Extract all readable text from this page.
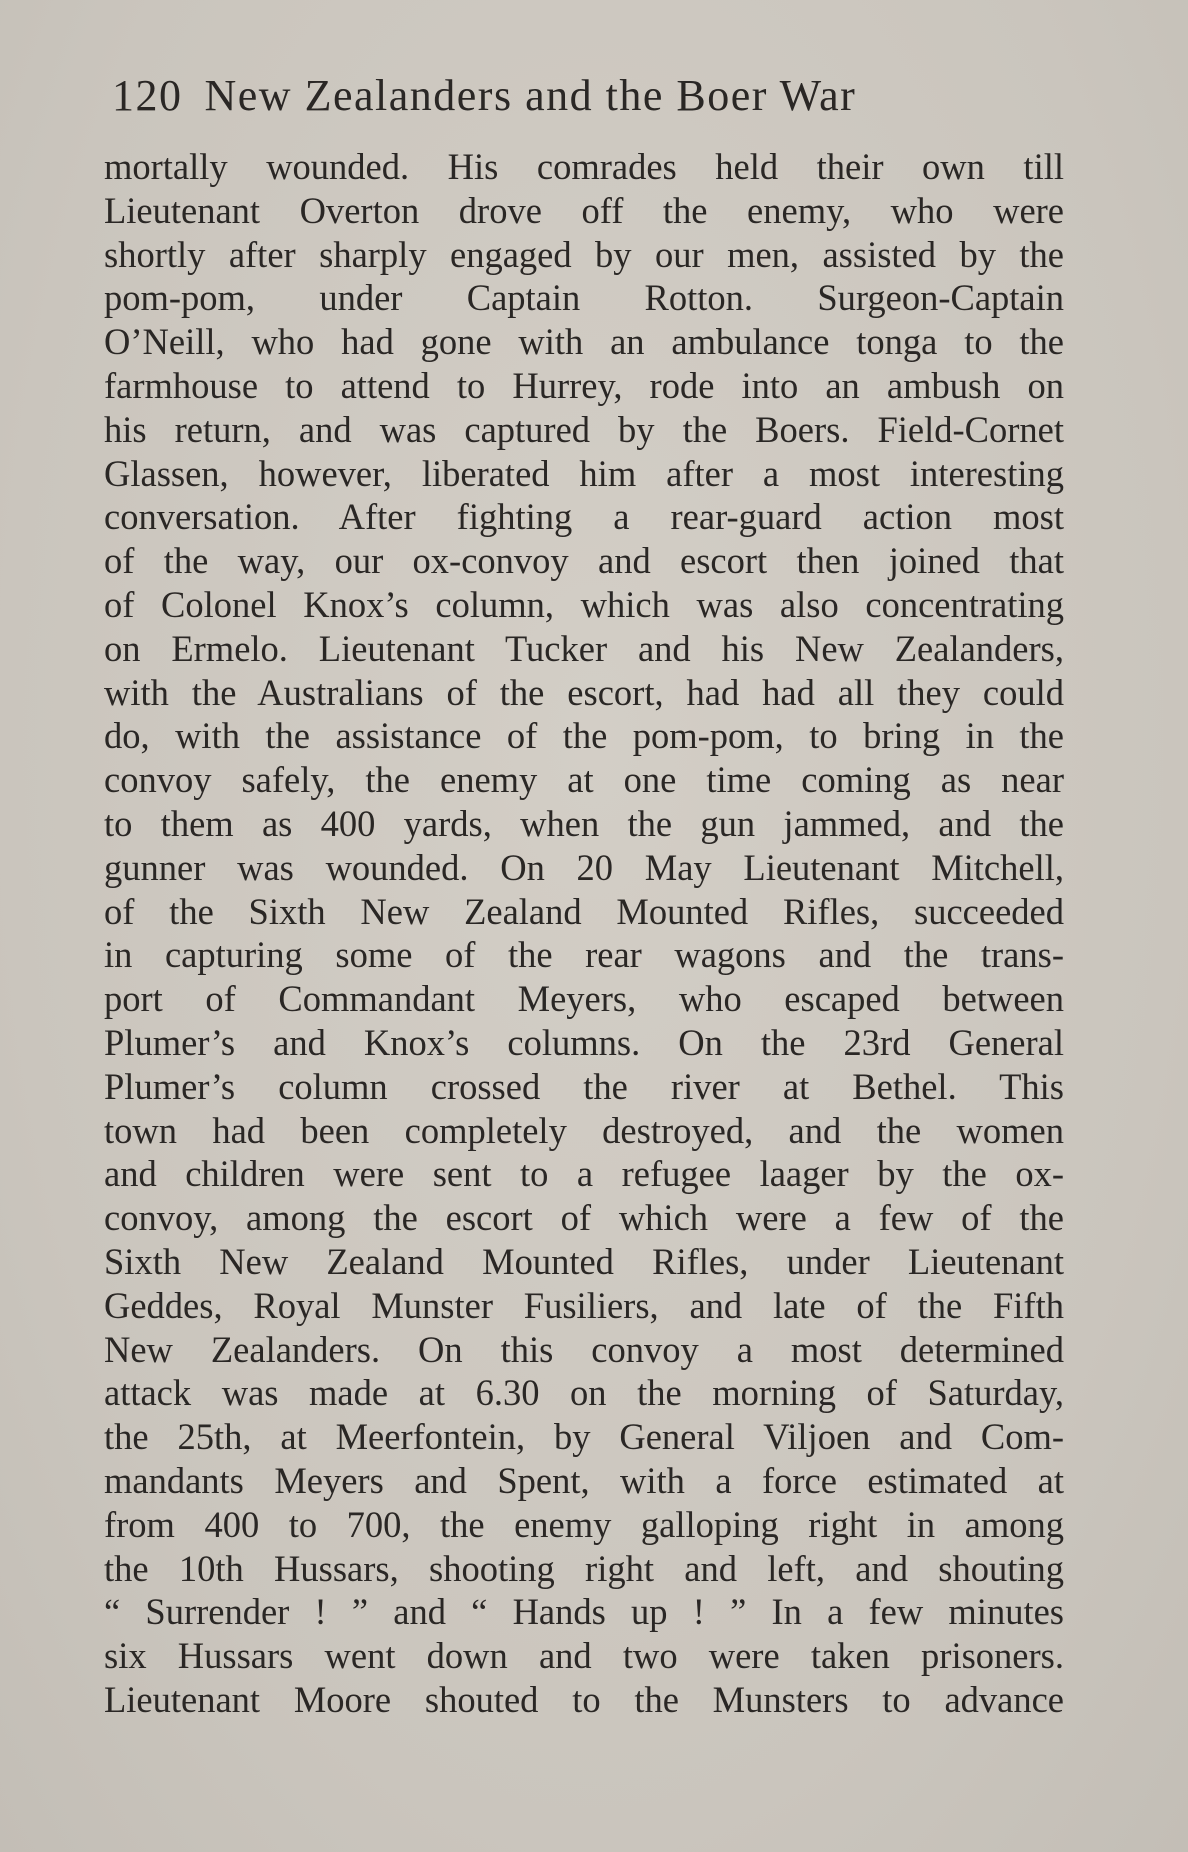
120 New Zealanders and the Boer War
mortally wounded. His comrades held their own till
Lieutenant Overton drove off the enemy, who were
shortly after sharply engaged by our men, assisted by the
pom-pom, under Captain Rotton. Surgeon-Captain
O’Neill, who had gone with an ambulance tonga to the
farmhouse to attend to Hurrey, rode into an ambush on
his return, and was captured by the Boers. Field-Cornet
Glassen, however, liberated him after a most interesting
conversation. After fighting a rear-guard action most
of the way, our ox-convoy and escort then joined that
of Colonel Knox’s column, which was also concentrating
on Ermelo. Lieutenant Tucker and his New Zealanders,
with the Australians of the escort, had had all they could
do, with the assistance of the pom-pom, to bring in the
convoy safely, the enemy at one time coming as near
to them as 400 yards, when the gun jammed, and the
gunner was wounded. On 20 May Lieutenant Mitchell,
of the Sixth New Zealand Mounted Rifles, succeeded
in capturing some of the rear wagons and the trans-
port of Commandant Meyers, who escaped between
Plumer’s and Knox’s columns. On the 23rd General
Plumer’s column crossed the river at Bethel. This
town had been completely destroyed, and the women
and children were sent to a refugee laager by the ox-
convoy, among the escort of which were a few of the
Sixth New Zealand Mounted Rifles, under Lieutenant
Geddes, Royal Munster Fusiliers, and late of the Fifth
New Zealanders. On this convoy a most determined
attack was made at 6.30 on the morning of Saturday,
the 25th, at Meerfontein, by General Viljoen and Com-
mandants Meyers and Spent, with a force estimated at
from 400 to 700, the enemy galloping right in among
the 10th Hussars, shooting right and left, and shouting
“ Surrender ! ” and “ Hands up ! ” In a few minutes
six Hussars went down and two were taken prisoners.
Lieutenant Moore shouted to the Munsters to advance
